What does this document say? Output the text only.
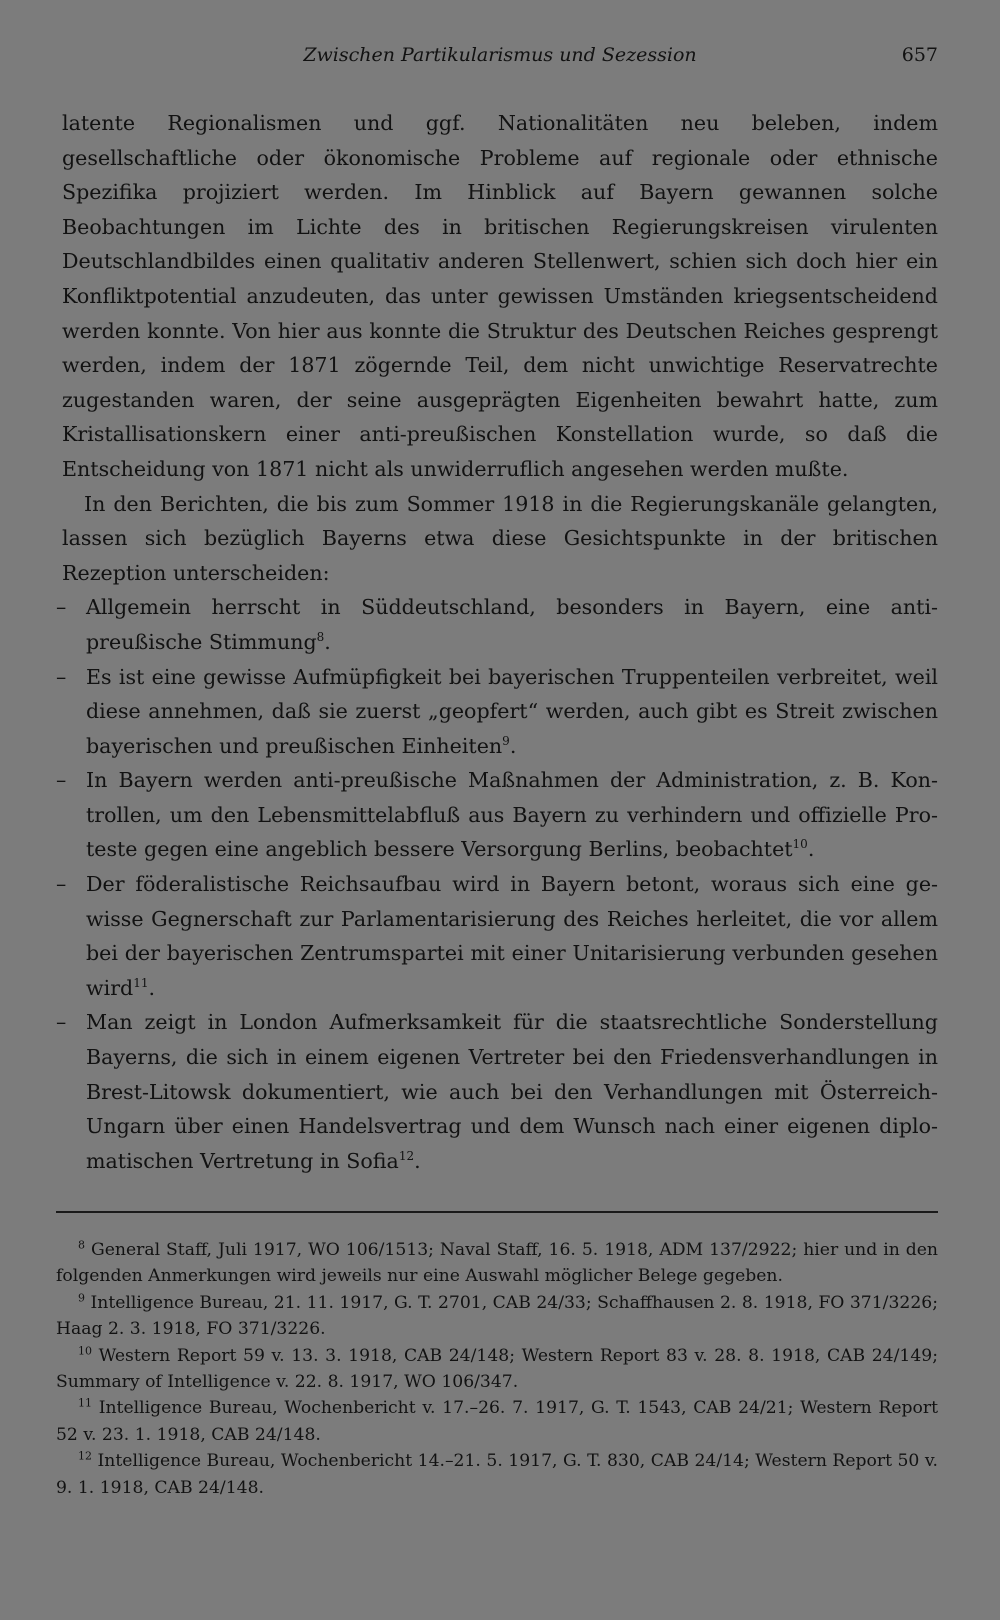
Zwischen Partikularismus und Sezession	657

latente Regionalismen und ggf. Nationalitäten neu beleben, indem gesellschaftliche oder ökonomische Probleme auf regionale oder ethnische Spezifika projiziert werden. Im Hinblick auf Bayern gewannen solche Beobachtungen im Lichte des in britischen Regierungskreisen virulenten Deutschlandbildes einen qualitativ anderen Stellenwert, schien sich doch hier ein Konfliktpotential anzudeuten, das unter gewissen Umständen kriegsentscheidend werden konnte. Von hier aus konnte die Struktur des Deutschen Reiches gesprengt werden, indem der 1871 zögernde Teil, dem nicht unwichtige Reservatrechte zugestanden waren, der seine ausgeprägten Eigenheiten bewahrt hatte, zum Kristallisationskern einer anti-preußischen Konstellation wurde, so daß die Entscheidung von 1871 nicht als unwiderruflich angesehen werden mußte.

In den Berichten, die bis zum Sommer 1918 in die Regierungskanäle gelangten, lassen sich bezüglich Bayerns etwa diese Gesichtspunkte in der britischen Rezeption unterscheiden:

– Allgemein herrscht in Süddeutschland, besonders in Bayern, eine anti-preußische Stimmung$^8$.
– Es ist eine gewisse Aufmüpfigkeit bei bayerischen Truppenteilen verbreitet, weil diese annehmen, daß sie zuerst „geopfert“ werden, auch gibt es Streit zwischen bayerischen und preußischen Einheiten$^9$.
– In Bayern werden anti-preußische Maßnahmen der Administration, z. B. Kontrollen, um den Lebensmittelabfluß aus Bayern zu verhindern und offizielle Proteste gegen eine angeblich bessere Versorgung Berlins, beobachtet$^{10}$.
– Der föderalistische Reichsaufbau wird in Bayern betont, woraus sich eine gewisse Gegnerschaft zur Parlamentarisierung des Reiches herleitet, die vor allem bei der bayerischen Zentrumspartei mit einer Unitarisierung verbunden gesehen wird$^{11}$.
– Man zeigt in London Aufmerksamkeit für die staatsrechtliche Sonderstellung Bayerns, die sich in einem eigenen Vertreter bei den Friedensverhandlungen in Brest-Litowsk dokumentiert, wie auch bei den Verhandlungen mit Österreich-Ungarn über einen Handelsvertrag und dem Wunsch nach einer eigenen diplomatischen Vertretung in Sofia$^{12}$.

$^8$ General Staff, Juli 1917, WO 106/1513; Naval Staff, 16. 5. 1918, ADM 137/2922; hier und in den folgenden Anmerkungen wird jeweils nur eine Auswahl möglicher Belege gegeben.

$^9$ Intelligence Bureau, 21. 11. 1917, G. T. 2701, CAB 24/33; Schaffhausen 2. 8. 1918, FO 371/3226; Haag 2. 3. 1918, FO 371/3226.

$^{10}$ Western Report 59 v. 13. 3. 1918, CAB 24/148; Western Report 83 v. 28. 8. 1918, CAB 24/149; Summary of Intelligence v. 22. 8. 1917, WO 106/347.

$^{11}$ Intelligence Bureau, Wochenbericht v. 17.–26. 7. 1917, G. T. 1543, CAB 24/21; Western Report 52 v. 23. 1. 1918, CAB 24/148.

$^{12}$ Intelligence Bureau, Wochenbericht 14.–21. 5. 1917, G. T. 830, CAB 24/14; Western Report 50 v. 9. 1. 1918, CAB 24/148.
